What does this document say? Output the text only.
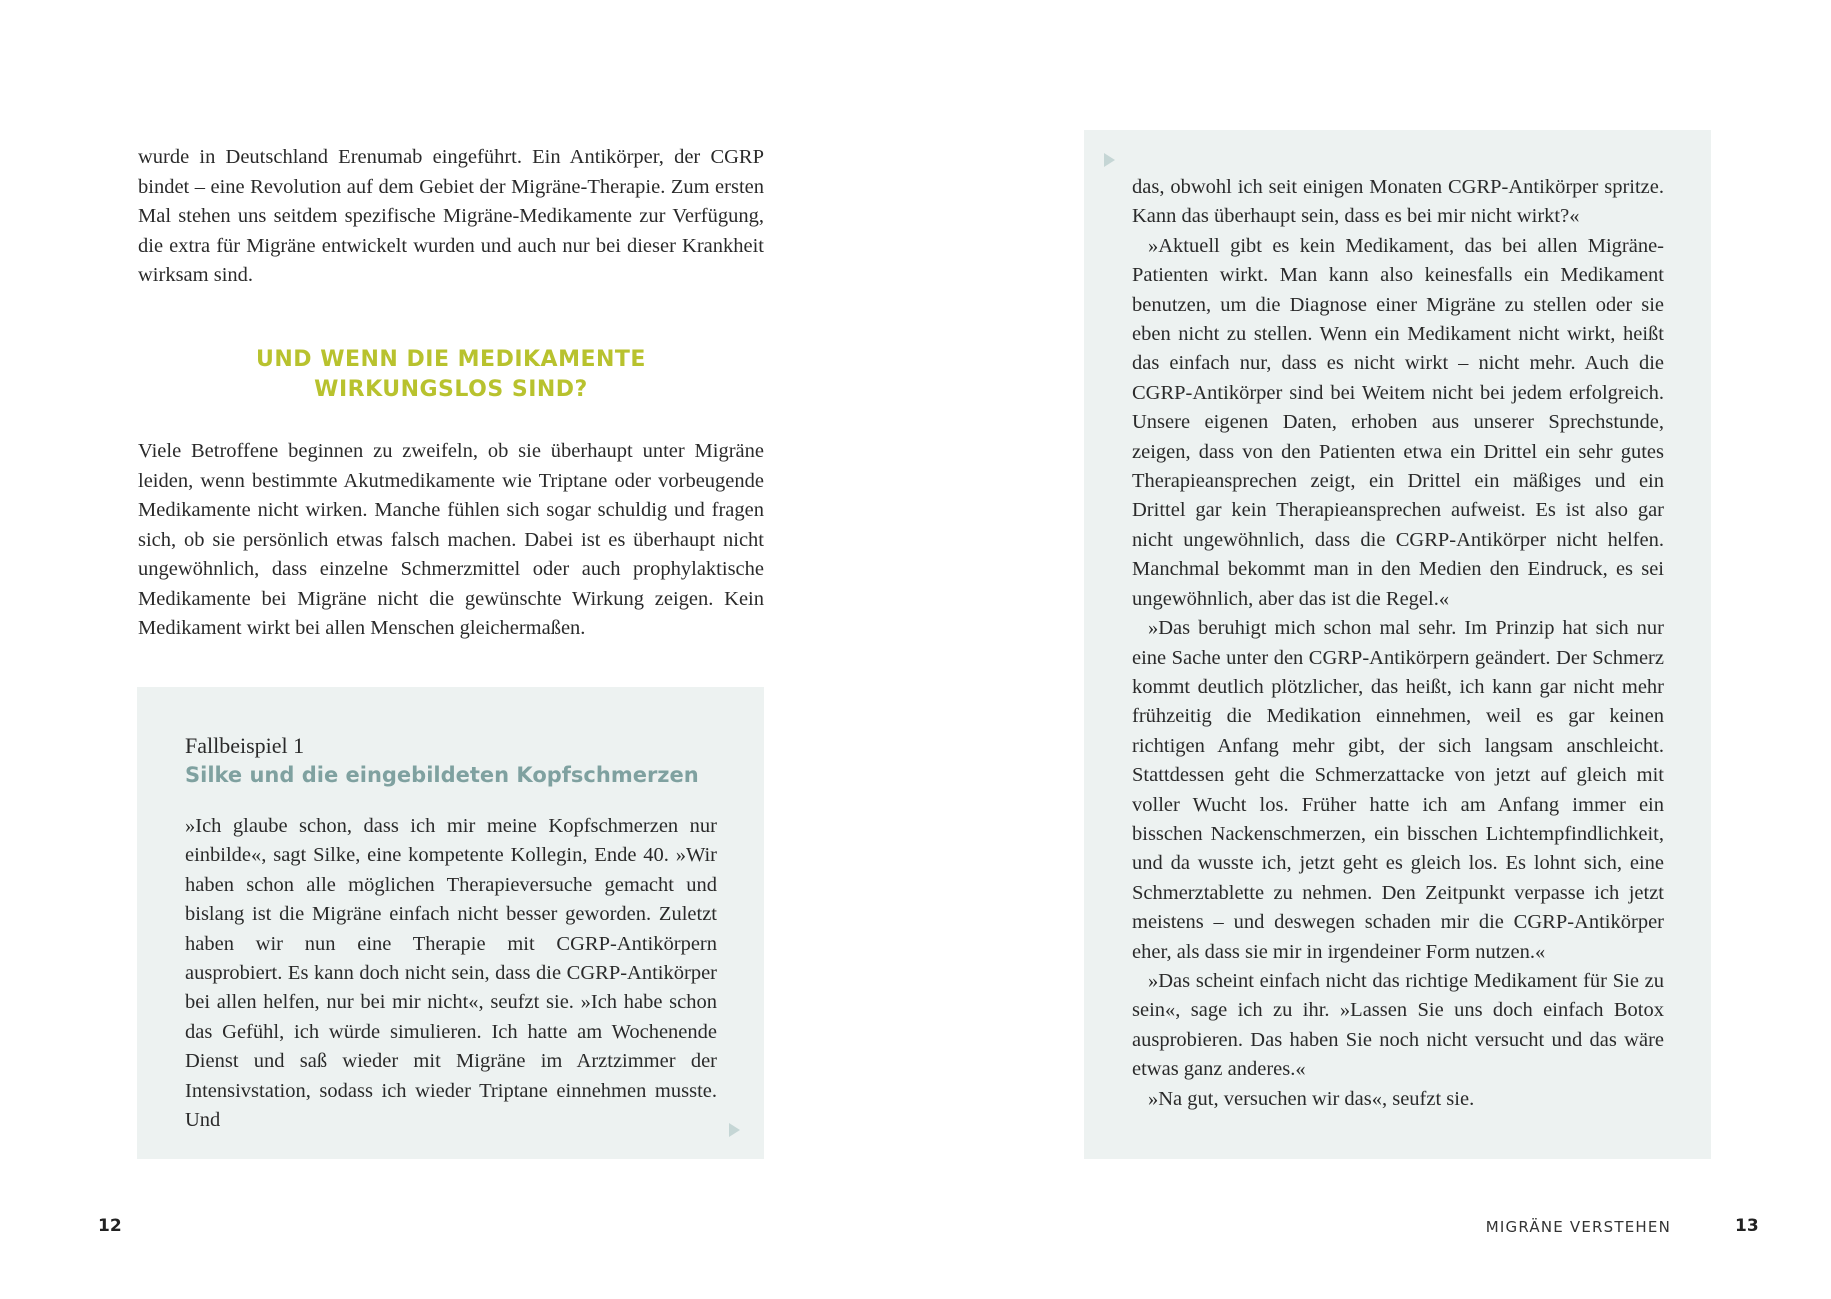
wurde in Deutschland Erenumab eingeführt. Ein Antikörper, der CGRP bindet – eine Revolution auf dem Gebiet der Migräne-Therapie. Zum ersten Mal stehen uns seitdem spezifische Migräne-Medikamente zur Verfügung, die extra für Migräne entwickelt wurden und auch nur bei dieser Krankheit wirksam sind.

UND WENN DIE MEDIKAMENTE
WIRKUNGSLOS SIND?

Viele Betroffene beginnen zu zweifeln, ob sie überhaupt unter Migräne leiden, wenn bestimmte Akutmedikamente wie Triptane oder vorbeugende Medikamente nicht wirken. Manche fühlen sich sogar schuldig und fragen sich, ob sie persönlich etwas falsch machen. Dabei ist es überhaupt nicht ungewöhnlich, dass einzelne Schmerzmittel oder auch prophylaktische Medikamente bei Migräne nicht die gewünschte Wirkung zeigen. Kein Medikament wirkt bei allen Menschen gleichermaßen.

Fallbeispiel 1

Silke und die eingebildeten Kopfschmerzen

»Ich glaube schon, dass ich mir meine Kopfschmerzen nur einbilde«, sagt Silke, eine kompetente Kollegin, Ende 40. »Wir haben schon alle möglichen Therapieversuche gemacht und bislang ist die Migräne einfach nicht besser geworden. Zuletzt haben wir nun eine Therapie mit CGRP-Antikörpern ausprobiert. Es kann doch nicht sein, dass die CGRP-Antikörper bei allen helfen, nur bei mir nicht«, seufzt sie. »Ich habe schon das Gefühl, ich würde simulieren. Ich hatte am Wochenende Dienst und saß wieder mit Migräne im Arztzimmer der Intensivstation, sodass ich wieder Triptane einnehmen musste. Und

12

das, obwohl ich seit einigen Monaten CGRP-Antikörper spritze. Kann das überhaupt sein, dass es bei mir nicht wirkt?«

»Aktuell gibt es kein Medikament, das bei allen Migräne-Patienten wirkt. Man kann also keinesfalls ein Medikament benutzen, um die Diagnose einer Migräne zu stellen oder sie eben nicht zu stellen. Wenn ein Medikament nicht wirkt, heißt das einfach nur, dass es nicht wirkt – nicht mehr. Auch die CGRP-Antikörper sind bei Weitem nicht bei jedem erfolgreich. Unsere eigenen Daten, erhoben aus unserer Sprechstunde, zeigen, dass von den Patienten etwa ein Drittel ein sehr gutes Therapieansprechen zeigt, ein Drittel ein mäßiges und ein Drittel gar kein Therapieansprechen aufweist. Es ist also gar nicht ungewöhnlich, dass die CGRP-Antikörper nicht helfen. Manchmal bekommt man in den Medien den Eindruck, es sei ungewöhnlich, aber das ist die Regel.«

»Das beruhigt mich schon mal sehr. Im Prinzip hat sich nur eine Sache unter den CGRP-Antikörpern geändert. Der Schmerz kommt deutlich plötzlicher, das heißt, ich kann gar nicht mehr frühzeitig die Medikation einnehmen, weil es gar keinen richtigen Anfang mehr gibt, der sich langsam anschleicht. Stattdessen geht die Schmerzattacke von jetzt auf gleich mit voller Wucht los. Früher hatte ich am Anfang immer ein bisschen Nackenschmerzen, ein bisschen Lichtempfindlichkeit, und da wusste ich, jetzt geht es gleich los. Es lohnt sich, eine Schmerztablette zu nehmen. Den Zeitpunkt verpasse ich jetzt meistens – und deswegen schaden mir die CGRP-Antikörper eher, als dass sie mir in irgendeiner Form nutzen.«

»Das scheint einfach nicht das richtige Medikament für Sie zu sein«, sage ich zu ihr. »Lassen Sie uns doch einfach Botox ausprobieren. Das haben Sie noch nicht versucht und das wäre etwas ganz anderes.«

»Na gut, versuchen wir das«, seufzt sie.

MIGRÄNE VERSTEHEN	13
